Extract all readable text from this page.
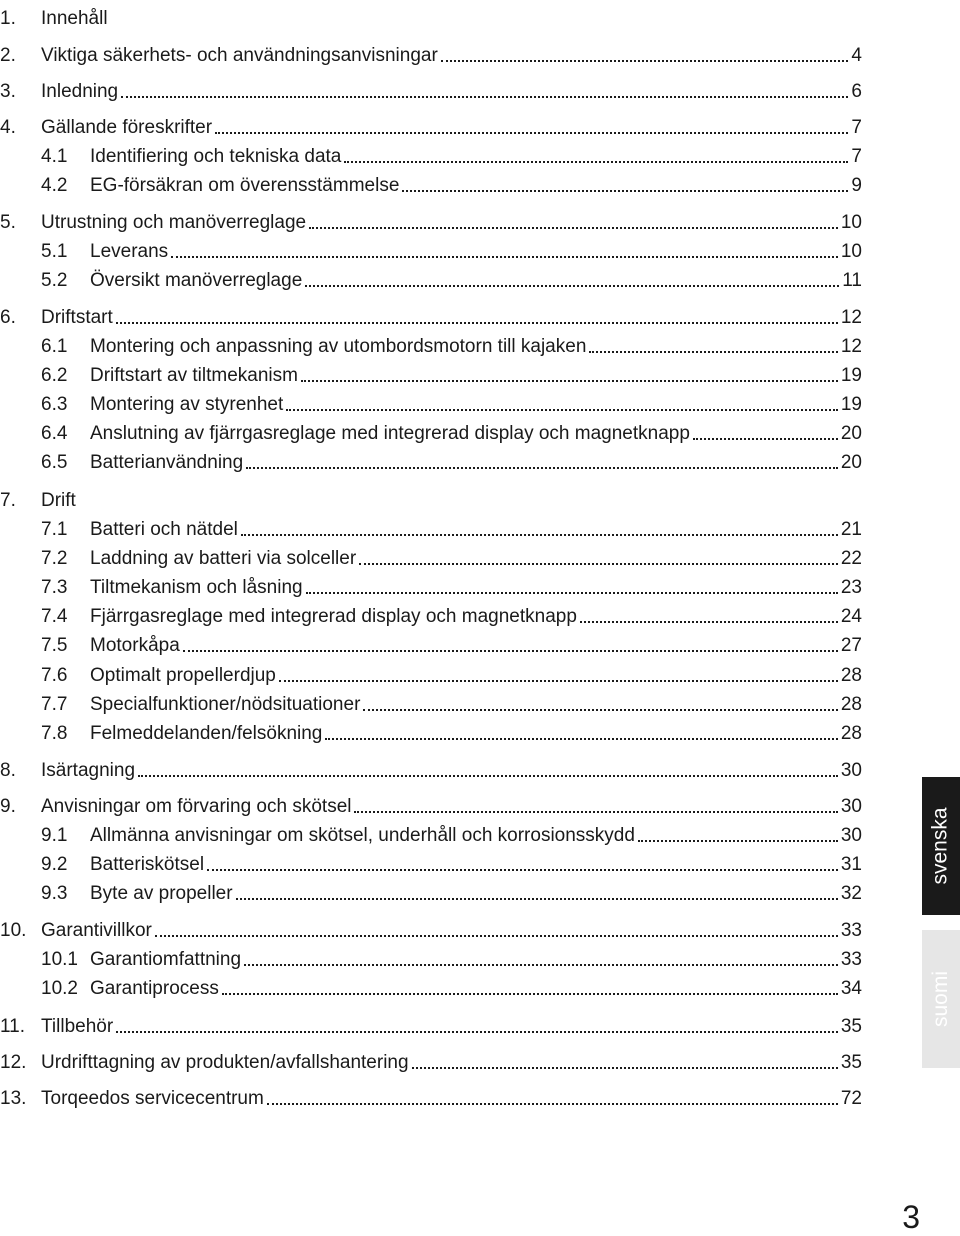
1. Innehåll
2. Viktiga säkerhets- och användningsanvisningar	4
3. Inledning	6
4. Gällande föreskrifter	7
4.1 Identifiering och tekniska data	7
4.2 EG-försäkran om överensstämmelse	9
5. Utrustning och manöverreglage	10
5.1 Leverans	10
5.2 Översikt manöverreglage	11
6. Driftstart	12
6.1 Montering och anpassning av utombordsmotorn till kajaken	12
6.2 Driftstart av tiltmekanism	19
6.3 Montering av styrenhet	19
6.4 Anslutning av fjärrgasreglage med integrerad display och magnetknapp	20
6.5 Batterianvändning	20
7. Drift
7.1 Batteri och nätdel	21
7.2 Laddning av batteri via solceller	22
7.3 Tiltmekanism och låsning	23
7.4 Fjärrgasreglage med integrerad display och magnetknapp	24
7.5 Motorkåpa	27
7.6 Optimalt propellerdjup	28
7.7 Specialfunktioner/nödsituationer	28
7.8 Felmeddelanden/felsökning	28
8. Isärtagning	30
9. Anvisningar om förvaring och skötsel	30
9.1 Allmänna anvisningar om skötsel, underhåll och korrosionsskydd	30
9.2 Batteriskötsel	31
9.3 Byte av propeller	32
10. Garantivillkor	33
10.1 Garantiomfattning	33
10.2 Garantiprocess	34
11. Tillbehör	35
12. Urdrifttagning av produkten/avfallshantering	35
13. Torqeedos servicecentrum	72
svenska
suomi
3
